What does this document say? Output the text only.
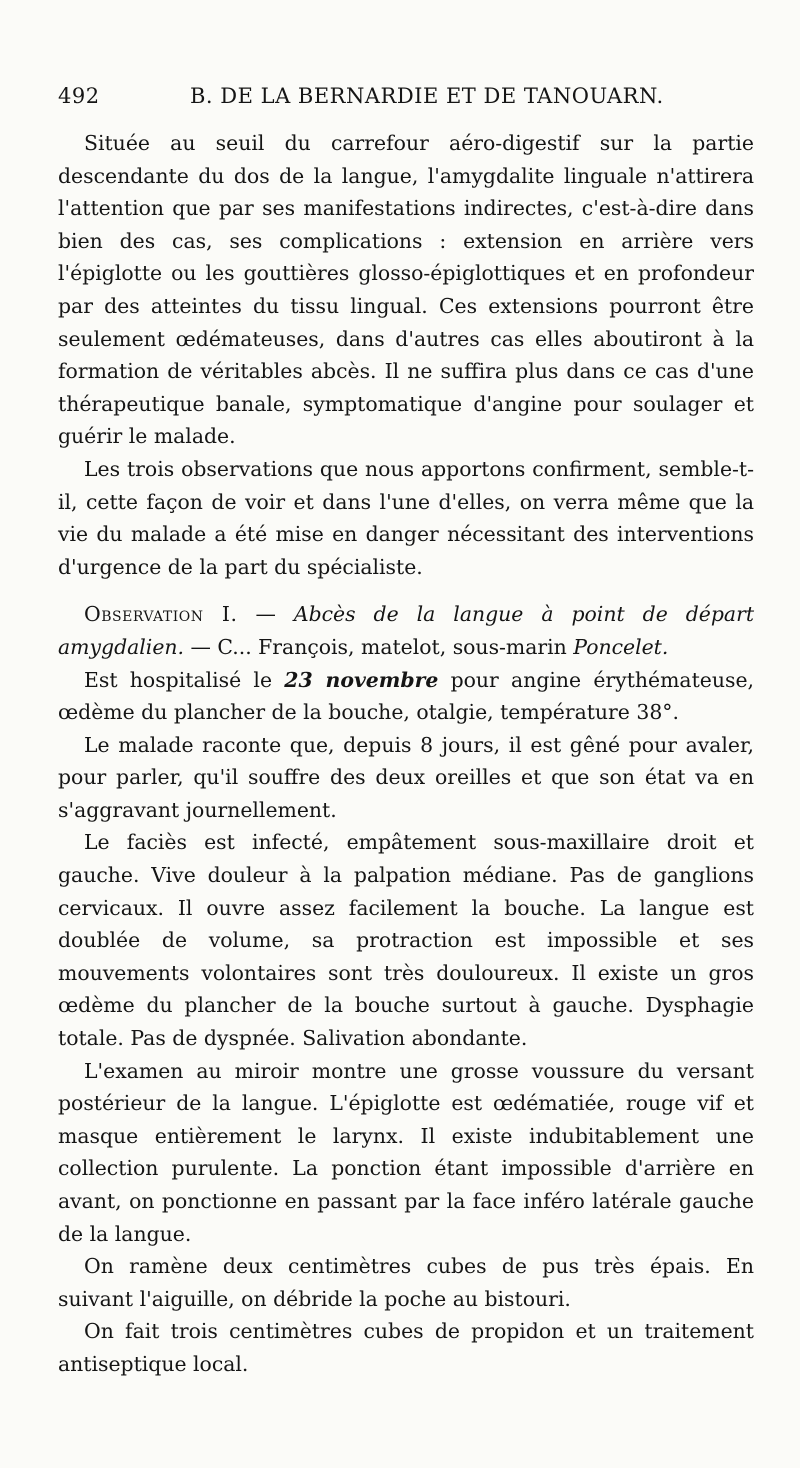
492	B. DE LA BERNARDIE ET DE TANOUARN.

Située au seuil du carrefour aéro-digestif sur la partie descendante du dos de la langue, l'amygdalite linguale n'attirera l'attention que par ses manifestations indirectes, c'est-à-dire dans bien des cas, ses complications : extension en arrière vers l'épiglotte ou les gouttières glosso-épiglottiques et en profondeur par des atteintes du tissu lingual. Ces extensions pourront être seulement œdémateuses, dans d'autres cas elles aboutiront à la formation de véritables abcès. Il ne suffira plus dans ce cas d'une thérapeutique banale, symptomatique d'angine pour soulager et guérir le malade.

Les trois observations que nous apportons confirment, semble-t-il, cette façon de voir et dans l'une d'elles, on verra même que la vie du malade a été mise en danger nécessitant des interventions d'urgence de la part du spécialiste.

Observation I. — Abcès de la langue à point de départ amygdalien. — C... François, matelot, sous-marin Poncelet.

Est hospitalisé le 23 novembre pour angine érythémateuse, œdème du plancher de la bouche, otalgie, température 38°.

Le malade raconte que, depuis 8 jours, il est gêné pour avaler, pour parler, qu'il souffre des deux oreilles et que son état va en s'aggravant journellement.

Le faciès est infecté, empâtement sous-maxillaire droit et gauche. Vive douleur à la palpation médiane. Pas de ganglions cervicaux. Il ouvre assez facilement la bouche. La langue est doublée de volume, sa protraction est impossible et ses mouvements volontaires sont très douloureux. Il existe un gros œdème du plancher de la bouche surtout à gauche. Dysphagie totale. Pas de dyspnée. Salivation abondante.

L'examen au miroir montre une grosse voussure du versant postérieur de la langue. L'épiglotte est œdématiée, rouge vif et masque entièrement le larynx. Il existe indubitablement une collection purulente. La ponction étant impossible d'arrière en avant, on ponctionne en passant par la face inféro latérale gauche de la langue.

On ramène deux centimètres cubes de pus très épais. En suivant l'aiguille, on débride la poche au bistouri.

On fait trois centimètres cubes de propidon et un traitement antiseptique local.
